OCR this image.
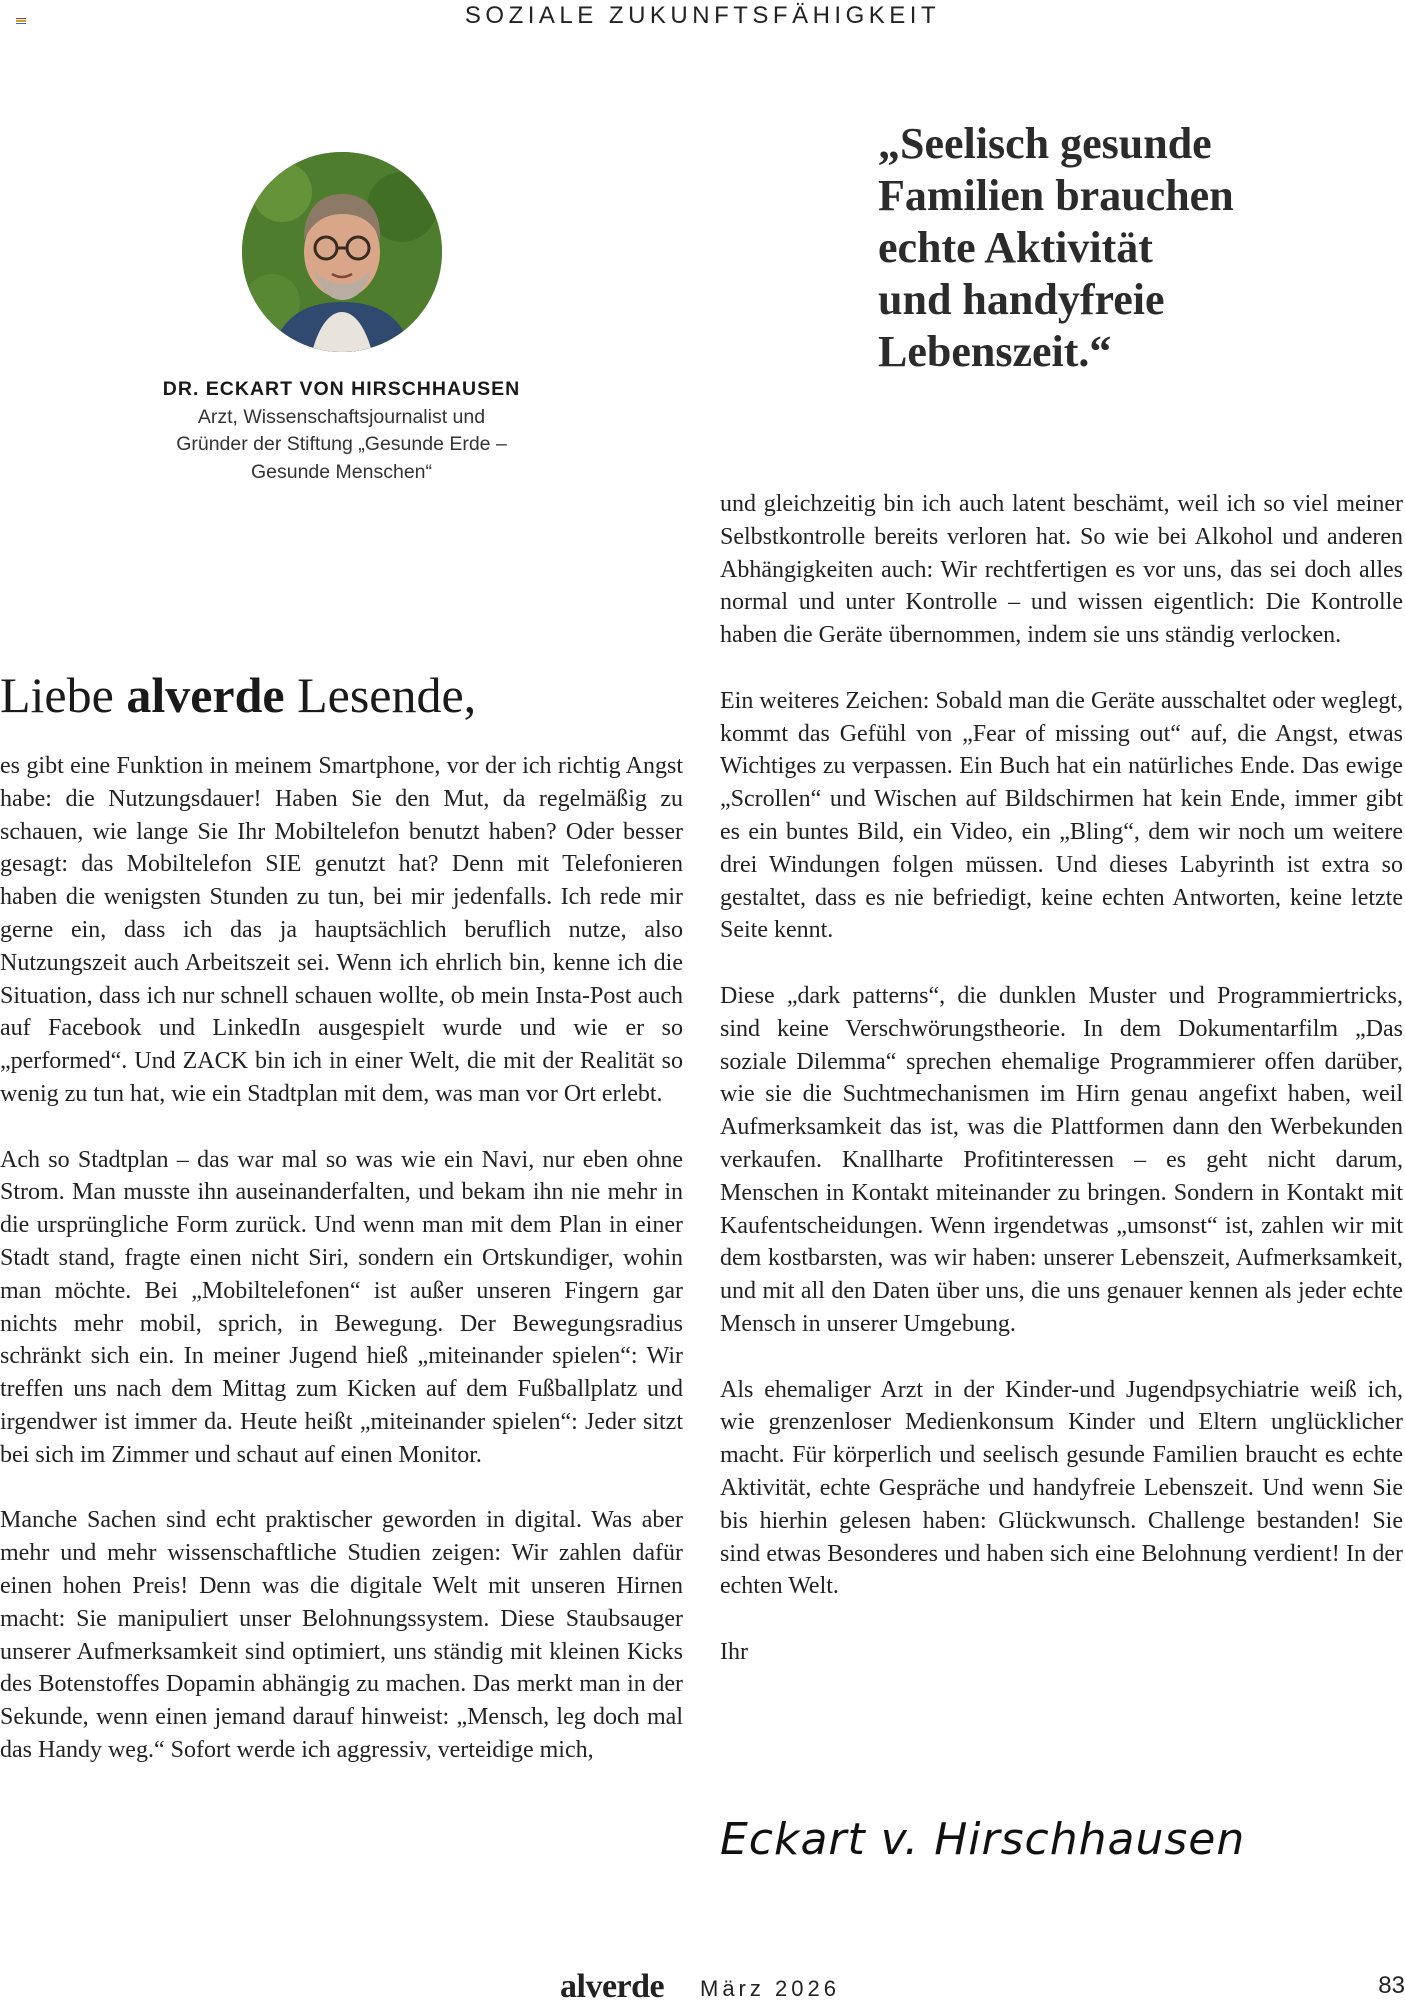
SOZIALE ZUKUNFTSFÄHIGKEIT
DR. ECKART VON HIRSCHHAUSEN
Arzt, Wissenschaftsjournalist und
Gründer der Stiftung „Gesunde Erde –
Gesunde Menschen“

„Seelisch gesunde

Familien brauchen

echte Aktivität

und handyfreie

Lebenszeit.“

Liebe alverde Lesende,

es gibt eine Funktion in meinem Smartphone, vor der ich richtig Angst habe: die Nutzungsdauer! Haben Sie den Mut, da regelmäßig zu schauen, wie lange Sie Ihr Mobiltelefon benutzt haben? Oder besser gesagt: das Mobiltelefon SIE genutzt hat? Denn mit Telefonieren haben die wenigsten Stunden zu tun, bei mir jedenfalls. Ich rede mir gerne ein, dass ich das ja hauptsächlich beruflich nutze, also Nutzungszeit auch Arbeitszeit sei. Wenn ich ehrlich bin, kenne ich die Situation, dass ich nur schnell schauen wollte, ob mein Insta-Post auch auf Facebook und LinkedIn ausgespielt wurde und wie er so „performed“. Und ZACK bin ich in einer Welt, die mit der Realität so wenig zu tun hat, wie ein Stadtplan mit dem, was man vor Ort erlebt.

Ach so Stadtplan – das war mal so was wie ein Navi, nur eben ohne Strom. Man musste ihn auseinanderfalten, und bekam ihn nie mehr in die ursprüngliche Form zurück. Und wenn man mit dem Plan in einer Stadt stand, fragte einen nicht Siri, sondern ein Ortskundiger, wohin man möchte. Bei „Mobiltelefonen“ ist außer unseren Fingern gar nichts mehr mobil, sprich, in Bewegung. Der Bewegungsradius schränkt sich ein. In meiner Jugend hieß „miteinander spielen“: Wir treffen uns nach dem Mittag zum Kicken auf dem Fußballplatz und irgendwer ist immer da. Heute heißt „miteinander spielen“: Jeder sitzt bei sich im Zimmer und schaut auf einen Monitor.

Manche Sachen sind echt praktischer geworden in digital. Was aber mehr und mehr wissenschaftliche Studien zeigen: Wir zahlen dafür einen hohen Preis! Denn was die digitale Welt mit unseren Hirnen macht: Sie manipuliert unser Belohnungssystem. Diese Staubsauger unserer Aufmerksamkeit sind optimiert, uns ständig mit kleinen Kicks des Botenstoffes Dopamin abhängig zu machen. Das merkt man in der Sekunde, wenn einen jemand darauf hinweist: „Mensch, leg doch mal das Handy weg.“ Sofort werde ich aggressiv, verteidige mich,

und gleichzeitig bin ich auch latent beschämt, weil ich so viel meiner Selbstkontrolle bereits verloren hat. So wie bei Alkohol und anderen Abhängigkeiten auch: Wir rechtfertigen es vor uns, das sei doch alles normal und unter Kontrolle – und wissen eigentlich: Die Kontrolle haben die Geräte übernommen, indem sie uns ständig verlocken.

Ein weiteres Zeichen: Sobald man die Geräte ausschaltet oder weglegt, kommt das Gefühl von „Fear of missing out“ auf, die Angst, etwas Wichtiges zu verpassen. Ein Buch hat ein natürliches Ende. Das ewige „Scrollen“ und Wischen auf Bildschirmen hat kein Ende, immer gibt es ein buntes Bild, ein Video, ein „Bling“, dem wir noch um weitere drei Windungen folgen müssen. Und dieses Labyrinth ist extra so gestaltet, dass es nie befriedigt, keine echten Antworten, keine letzte Seite kennt.

Diese „dark patterns“, die dunklen Muster und Programmiertricks, sind keine Verschwörungstheorie. In dem Dokumentarfilm „Das soziale Dilemma“ sprechen ehemalige Programmierer offen darüber, wie sie die Suchtmechanismen im Hirn genau angefixt haben, weil Aufmerksamkeit das ist, was die Plattformen dann den Werbekunden verkaufen. Knallharte Profitinteressen – es geht nicht darum, Menschen in Kontakt miteinander zu bringen. Sondern in Kontakt mit Kaufentscheidungen. Wenn irgendetwas „umsonst“ ist, zahlen wir mit dem kostbarsten, was wir haben: unserer Lebenszeit, Aufmerksamkeit, und mit all den Daten über uns, die uns genauer kennen als jeder echte Mensch in unserer Umgebung.

Als ehemaliger Arzt in der Kinder-und Jugendpsychiatrie weiß ich, wie grenzenloser Medienkonsum Kinder und Eltern unglücklicher macht. Für körperlich und seelisch gesunde Familien braucht es echte Aktivität, echte Gespräche und handyfreie Lebenszeit. Und wenn Sie bis hierhin gelesen haben: Glückwunsch. Challenge bestanden! Sie sind etwas Besonderes und haben sich eine Belohnung verdient! In der echten Welt.

Ihr

Eckart v. Hirschhausen
alverde März 2026	83
